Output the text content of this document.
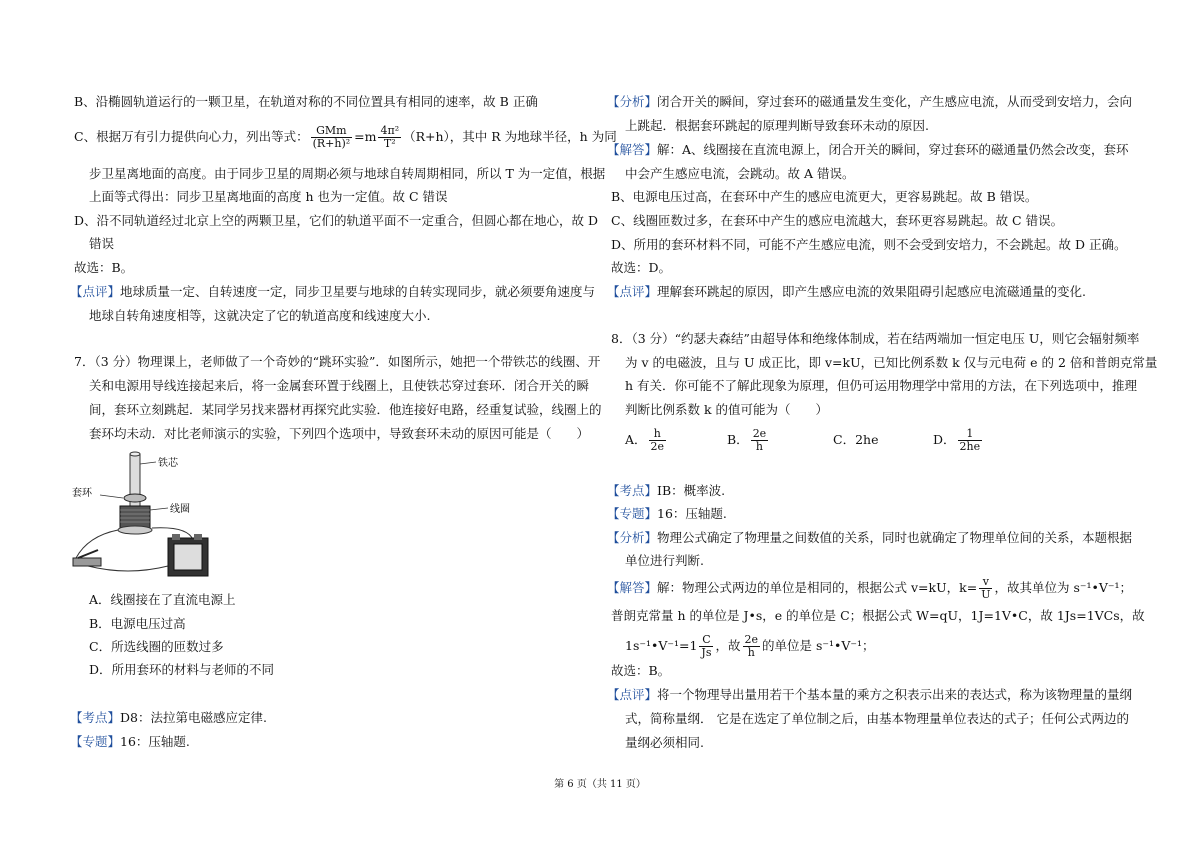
B、沿椭圆轨道运行的一颗卫星，在轨道对称的不同位置具有相同的速率，故 B 正确
C、根据万有引力提供向心力，列出等式： $\frac{\text{GMm}}{\text{(R+h)²}} =m \frac{\text{4π²}}{\text{T²}} (R+h)$，其中 R 为地球半径，h 为同
步卫星离地面的高度。由于同步卫星的周期必须与地球自转周期相同，所以 T 为一定值，根据
上面等式得出：同步卫星离地面的高度 h 也为一定值。故 C 错误
D、沿不同轨道经过北京上空的两颗卫星，它们的轨道平面不一定重合，但圆心都在地心，故 D
错误
故选：B。
【点评】地球质量一定、自转速度一定，同步卫星要与地球的自转实现同步，就必须要角速度与
地球自转角速度相等，这就决定了它的轨道高度和线速度大小.
7．（3 分）物理课上，老师做了一个奇妙的“跳环实验”．如图所示，她把一个带铁芯的线圈、开
关和电源用导线连接起来后，将一金属套环置于线圈上，且使铁芯穿过套环．闭合开关的瞬
间，套环立刻跳起．某同学另找来器材再探究此实验．他连接好电路，经重复试验，线圈上的
套环均未动．对比老师演示的实验，下列四个选项中，导致套环未动的原因可能是（　　）
铁芯
套环
线圈
A．线圈接在了直流电源上
B．电源电压过高
C．所选线圈的匝数过多
D．所用套环的材料与老师的不同
【考点】D8：法拉第电磁感应定律.
【专题】16：压轴题.
【分析】闭合开关的瞬间，穿过套环的磁通量发生变化，产生感应电流，从而受到安培力，会向
上跳起．根据套环跳起的原理判断导致套环未动的原因.
【解答】解：A、线圈接在直流电源上，闭合开关的瞬间，穿过套环的磁通量仍然会改变，套环
中会产生感应电流，会跳动。故 A 错误。
B、电源电压过高，在套环中产生的感应电流更大，更容易跳起。故 B 错误。
C、线圈匝数过多，在套环中产生的感应电流越大，套环更容易跳起。故 C 错误。
D、所用的套环材料不同，可能不产生感应电流，则不会受到安培力，不会跳起。故 D 正确。
故选：D。
【点评】理解套环跳起的原因，即产生感应电流的效果阻碍引起感应电流磁通量的变化.
8．（3 分）“约瑟夫森结”由超导体和绝缘体制成，若在结两端加一恒定电压 U，则它会辐射频率
为 v 的电磁波，且与 U 成正比，即 v=kU，已知比例系数 k 仅与元电荷 e 的 2 倍和普朗克常量
h 有关．你可能不了解此现象为原理，但仍可运用物理学中常用的方法，在下列选项中，推理
判断比例系数 k 的值可能为（　　）
A． $\frac{h}{2e}$	B． $\frac{2e}{h}$	C．2he	D． $\frac{1}{2he}$
【考点】IB：概率波.
【专题】16：压轴题.
【分析】物理公式确定了物理量之间数值的关系，同时也就确定了物理单位间的关系，本题根据
单位进行判断.
【解答】解：物理公式两边的单位是相同的，根据公式 v=kU，$k= \frac{v}{U}$ ，故其单位为 s⁻¹•V⁻¹；
普朗克常量 h 的单位是 J•s，e 的单位是 C；根据公式 W=qU，1J=1V•C，故 1Js=1VCs，故
1s⁻¹•V⁻¹=1 $\frac{C}{Js}$ ，故 $\frac{2e}{h}$ 的单位是 s⁻¹•V⁻¹；
故选：B。
【点评】将一个物理导出量用若干个基本量的乘方之积表示出来的表达式，称为该物理量的量纲
式，简称量纲． 它是在选定了单位制之后，由基本物理量单位表达的式子；任何公式两边的
量纲必须相同.
第 6 页（共 11 页）
